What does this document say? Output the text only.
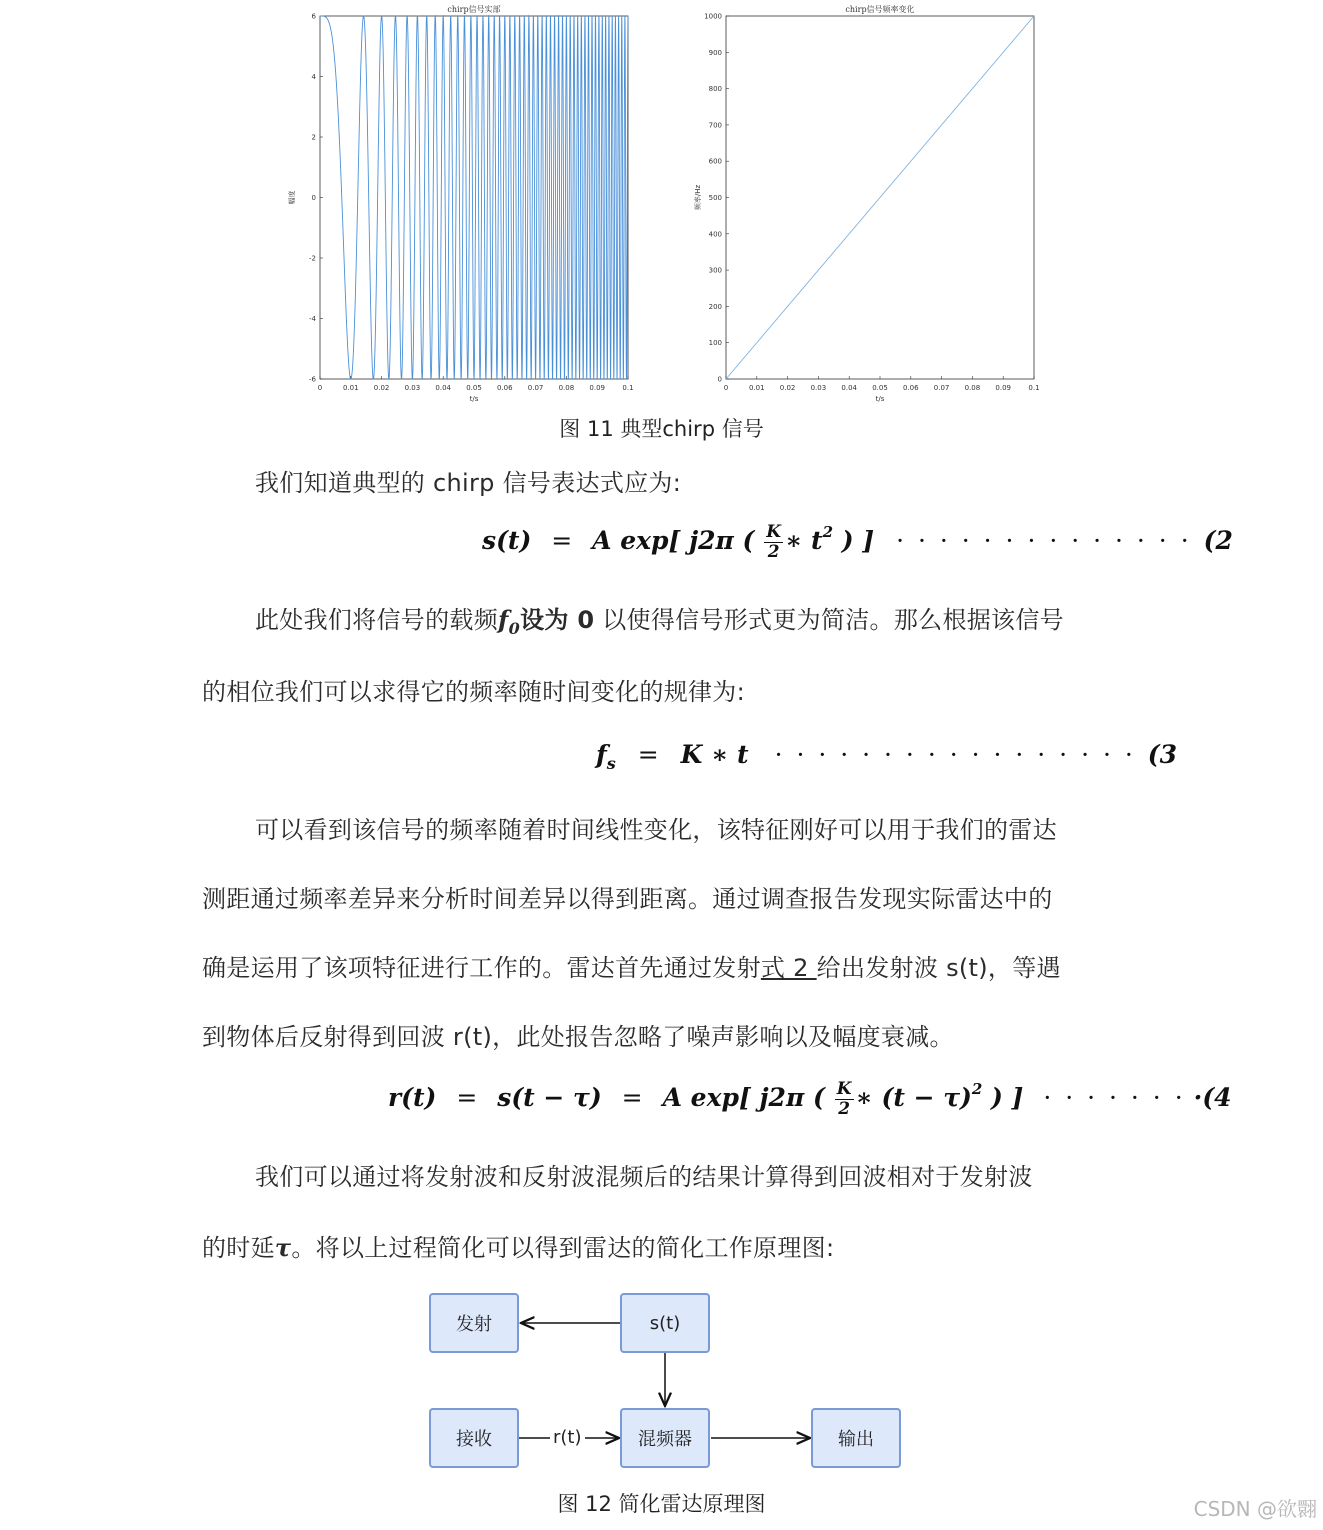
chirp信号实部
0	0.01 0.02 0.03 0.04 0.05 0.06 0.07 0.08 0.09 0.1
-6
-4
-2
0
2
4
6
t/s
幅度
chirp信号频率变化
0	0.01 0.02 0.03 0.04 0.05 0.06 0.07 0.08 0.09 0.1
0
100
200
300
400
500
600
700
800
900
1000
t/s
频率/Hz
图 11 典型chirp 信号
我们知道典型的 chirp 信号表达式应为:
s(t) = A exp[ j2π ( $\frac{K}{2}$ ∗ $t^2$ ) ] · · · · · · · · · · · · · · (2
此处我们将信号的载频$f_0$设为 0 以使得信号形式更为简洁。那么根据该信号
的相位我们可以求得它的频率随时间变化的规律为:
$f_s = K$ ∗ t · · · · · · · · · · · · · · · · · (3
可以看到该信号的频率随着时间线性变化，该特征刚好可以用于我们的雷达
测距通过频率差异来分析时间差异以得到距离。通过调查报告发现实际雷达中的
确是运用了该项特征进行工作的。雷达首先通过发射式 2 给出发射波 s(t)，等遇
到物体后反射得到回波 r(t)，此处报告忽略了噪声影响以及幅度衰减。
r(t) = s(t − τ) = A exp[ j2π ( $\frac{K}{2}$ ∗ $(t - \tau)^2$ ) ] · · · · · · · ·(4
我们可以通过将发射波和反射波混频后的结果计算得到回波相对于发射波
的时延τ。将以上过程简化可以得到雷达的简化工作原理图:
发射	s(t)
接收	混频器	输出
r(t)
图 12 简化雷达原理图	CSDN @欲翾
